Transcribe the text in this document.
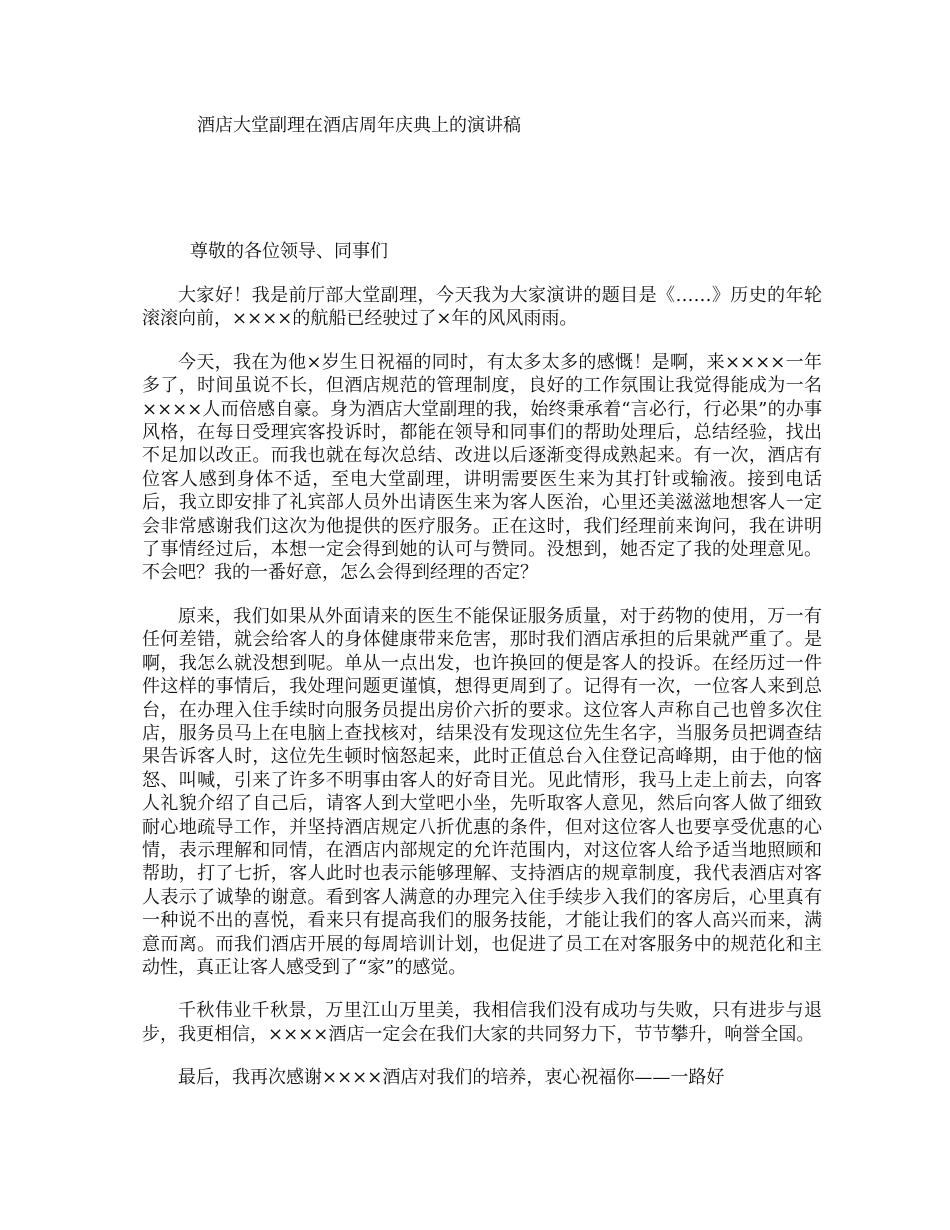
酒店大堂副理在酒店周年庆典上的演讲稿
尊敬的各位领导、同事们

大家好！我是前厅部大堂副理，今天我为大家演讲的题目是《……》历史的年轮滚滚向前，××××的航船已经驶过了×年的风风雨雨。

今天，我在为他×岁生日祝福的同时，有太多太多的感慨！是啊，来××××一年多了，时间虽说不长，但酒店规范的管理制度，良好的工作氛围让我觉得能成为一名××××人而倍感自豪。身为酒店大堂副理的我，始终秉承着“言必行，行必果”的办事风格，在每日受理宾客投诉时，都能在领导和同事们的帮助处理后，总结经验，找出不足加以改正。而我也就在每次总结、改进以后逐渐变得成熟起来。有一次，酒店有位客人感到身体不适，至电大堂副理，讲明需要医生来为其打针或输液。接到电话后，我立即安排了礼宾部人员外出请医生来为客人医治，心里还美滋滋地想客人一定会非常感谢我们这次为他提供的医疗服务。正在这时，我们经理前来询问，我在讲明了事情经过后，本想一定会得到她的认可与赞同。没想到，她否定了我的处理意见。不会吧？我的一番好意，怎么会得到经理的否定？

原来，我们如果从外面请来的医生不能保证服务质量，对于药物的使用，万一有任何差错，就会给客人的身体健康带来危害，那时我们酒店承担的后果就严重了。是啊，我怎么就没想到呢。单从一点出发，也许换回的便是客人的投诉。在经历过一件件这样的事情后，我处理问题更谨慎，想得更周到了。记得有一次，一位客人来到总台，在办理入住手续时向服务员提出房价六折的要求。这位客人声称自己也曾多次住店，服务员马上在电脑上查找核对，结果没有发现这位先生名字，当服务员把调查结果告诉客人时，这位先生顿时恼怒起来，此时正值总台入住登记高峰期，由于他的恼怒、叫喊，引来了许多不明事由客人的好奇目光。见此情形，我马上走上前去，向客人礼貌介绍了自己后，请客人到大堂吧小坐，先听取客人意见，然后向客人做了细致耐心地疏导工作，并坚持酒店规定八折优惠的条件，但对这位客人也要享受优惠的心情，表示理解和同情，在酒店内部规定的允许范围内，对这位客人给予适当地照顾和帮助，打了七折，客人此时也表示能够理解、支持酒店的规章制度，我代表酒店对客人表示了诚挚的谢意。看到客人满意的办理完入住手续步入我们的客房后，心里真有一种说不出的喜悦，看来只有提高我们的服务技能，才能让我们的客人高兴而来，满意而离。而我们酒店开展的每周培训计划，也促进了员工在对客服务中的规范化和主动性，真正让客人感受到了“家”的感觉。

千秋伟业千秋景，万里江山万里美，我相信我们没有成功与失败，只有进步与退步，我更相信，××××酒店一定会在我们大家的共同努力下，节节攀升，响誉全国。

最后，我再次感谢××××酒店对我们的培养，衷心祝福你——一路好
